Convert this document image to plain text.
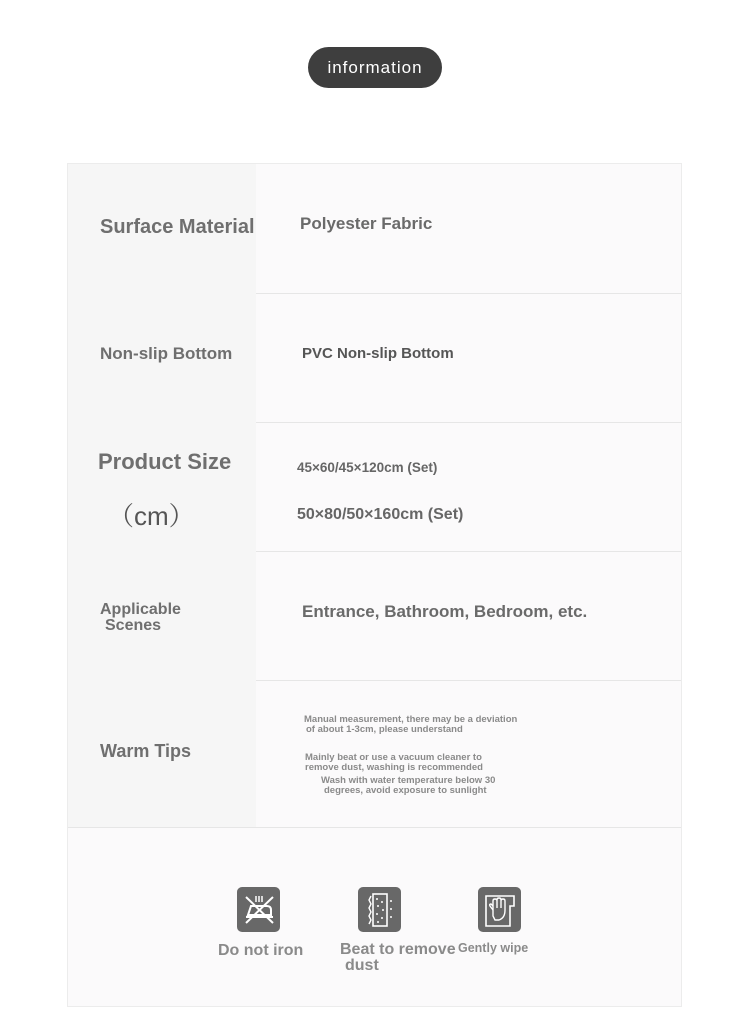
information
Surface Material	Polyester Fabric
Non-slip Bottom	PVC Non-slip Bottom
Product Size
（cm）
45×60/45×120cm (Set)
50×80/50×160cm (Set)
Applicable
Scenes
Entrance, Bathroom, Bedroom, etc.
Warm Tips
Manual measurement, there may be a deviation
of about 1-3cm, please understand
Mainly beat or use a vacuum cleaner to
remove dust, washing is recommended
Wash with water temperature below 30
degrees, avoid exposure to sunlight
Do not iron Beat to remove
dust
Gently wipe
